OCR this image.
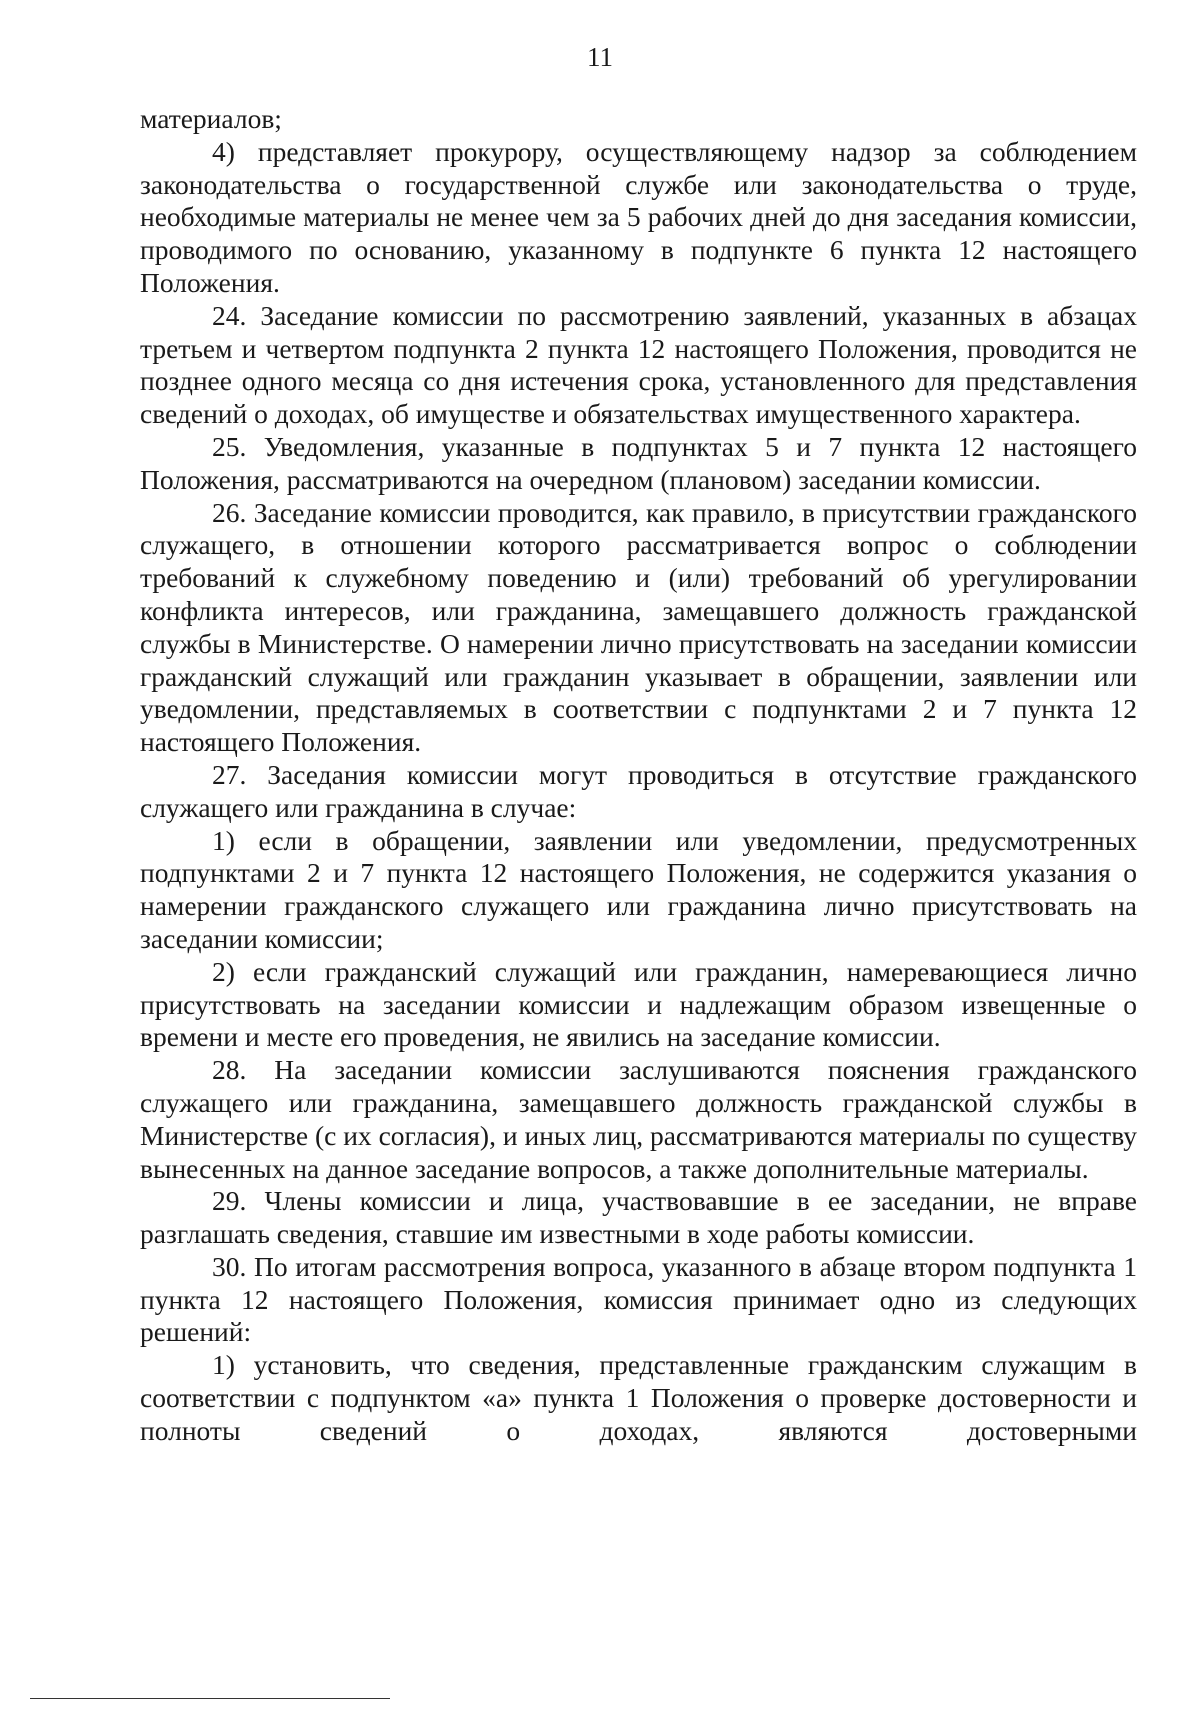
11

материалов;

4) представляет прокурору, осуществляющему надзор за соблюдением законодательства о государственной службе или законодательства о труде, необходимые материалы не менее чем за 5 рабочих дней до дня заседания комиссии, проводимого по основанию, указанному в подпункте 6 пункта 12 настоящего Положения.

24. Заседание комиссии по рассмотрению заявлений, указанных в абзацах третьем и четвертом подпункта 2 пункта 12 настоящего Положения, проводится не позднее одного месяца со дня истечения срока, установленного для представления сведений о доходах, об имуществе и обязательствах имущественного характера.

25. Уведомления, указанные в подпунктах 5 и 7 пункта 12 настоящего Положения, рассматриваются на очередном (плановом) заседании комиссии.

26. Заседание комиссии проводится, как правило, в присутствии гражданского служащего, в отношении которого рассматривается вопрос о соблюдении требований к служебному поведению и (или) требований об урегулировании конфликта интересов, или гражданина, замещавшего должность гражданской службы в Министерстве. О намерении лично присутствовать на заседании комиссии гражданский служащий или гражданин указывает в обращении, заявлении или уведомлении, представляемых в соответствии с подпунктами 2 и 7 пункта 12 настоящего Положения.

27. Заседания комиссии могут проводиться в отсутствие гражданского служащего или гражданина в случае:

1) если в обращении, заявлении или уведомлении, предусмотренных подпунктами 2 и 7 пункта 12 настоящего Положения, не содержится указания о намерении гражданского служащего или гражданина лично присутствовать на заседании комиссии;

2) если гражданский служащий или гражданин, намеревающиеся лично присутствовать на заседании комиссии и надлежащим образом извещенные о времени и месте его проведения, не явились на заседание комиссии.

28. На заседании комиссии заслушиваются пояснения гражданского служащего или гражданина, замещавшего должность гражданской службы в Министерстве (с их согласия), и иных лиц, рассматриваются материалы по существу вынесенных на данное заседание вопросов, а также дополнительные материалы.

29. Члены комиссии и лица, участвовавшие в ее заседании, не вправе разглашать сведения, ставшие им известными в ходе работы комиссии.

30. По итогам рассмотрения вопроса, указанного в абзаце втором подпункта 1 пункта 12 настоящего Положения, комиссия принимает одно из следующих решений:

1) установить, что сведения, представленные гражданским служащим в соответствии с подпунктом «а» пункта 1 Положения о проверке достоверности и полноты сведений о доходах, являются достоверными
